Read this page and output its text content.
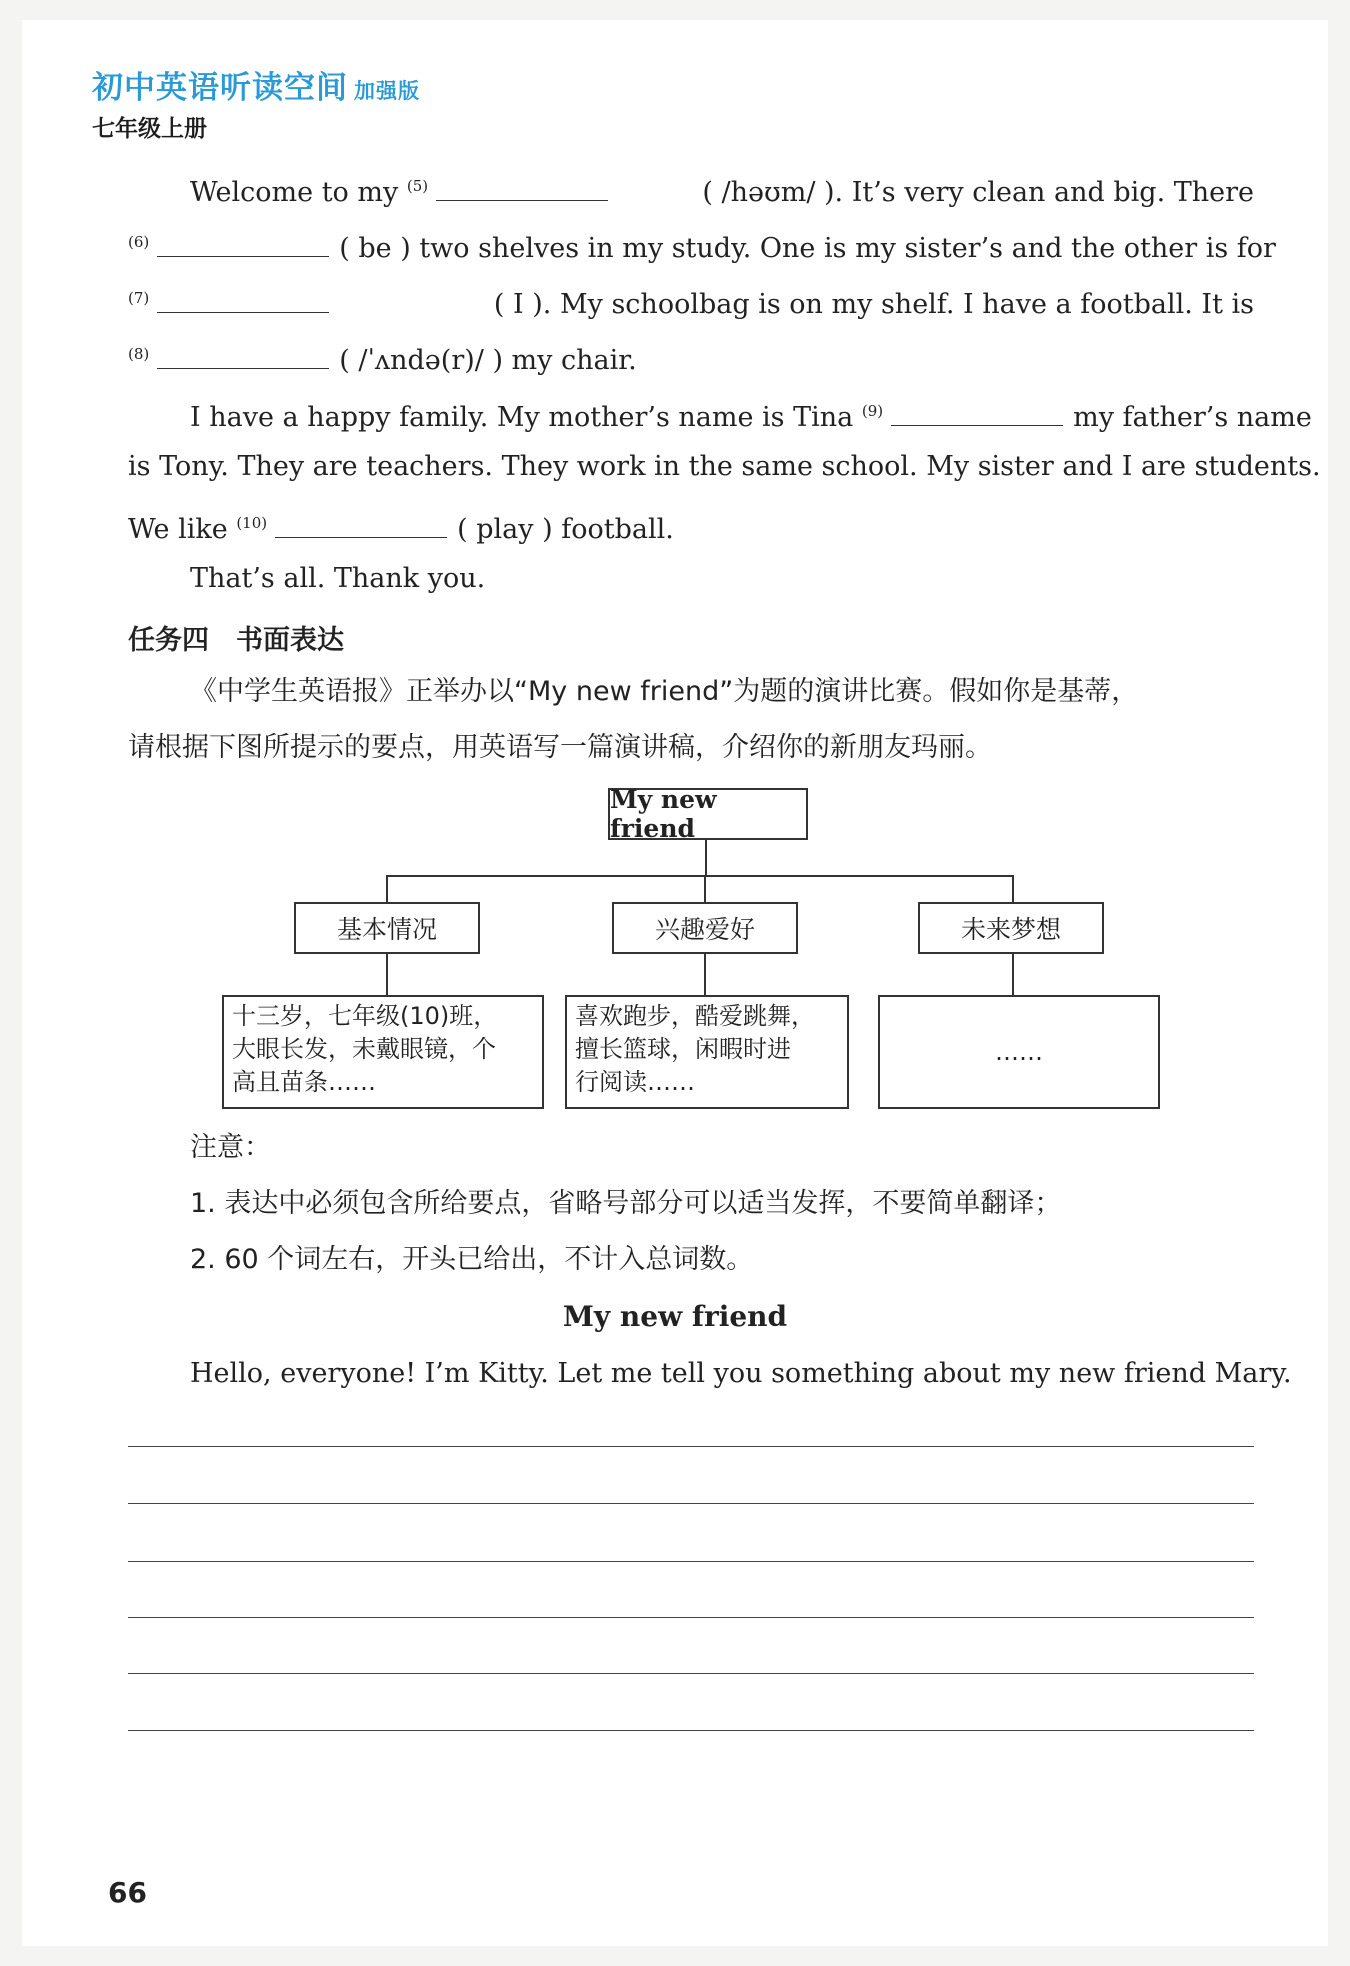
初中英语听读空间 加强版
七年级上册
Welcome to my $^{(5)}$	( /həʊm/ ). It’s very clean and big. There
$^{(6)}$	( be ) two shelves in my study. One is my sister’s and the other is for
$^{(7)}$	( I ). My schoolbag is on my shelf. I have a football. It is
$^{(8)}$	( /ˈʌndə(r)/ ) my chair.
I have a happy family. My mother’s name is Tina $^{(9)}$	my father’s name
is Tony. They are teachers. They work in the same school. My sister and I are students.
We like $^{(10)}$	( play ) football.
That’s all. Thank you.
任务四　书面表达
《中学生英语报》正举办以“My new friend”为题的演讲比赛。假如你是基蒂，
请根据下图所提示的要点，用英语写一篇演讲稿，介绍你的新朋友玛丽。
My new friend
基本情况	兴趣爱好	未来梦想
十三岁，七年级(10)班，
大眼长发，未戴眼镜，个
高且苗条……
喜欢跑步，酷爱跳舞，
擅长篮球，闲暇时进
行阅读……
……
注意：
1. 表达中必须包含所给要点，省略号部分可以适当发挥，不要简单翻译；
2. 60 个词左右，开头已给出，不计入总词数。
My new friend
Hello, everyone! I’m Kitty. Let me tell you something about my new friend Mary.
66
